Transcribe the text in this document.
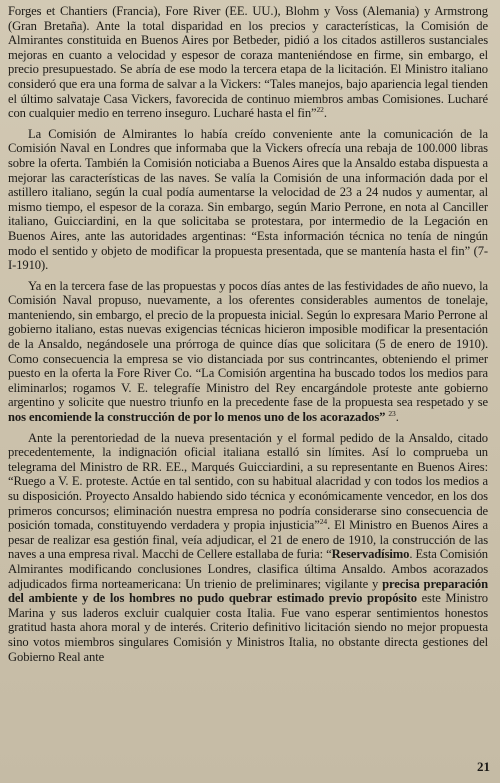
Forges et Chantiers (Francia), Fore River (EE. UU.), Blohm y Voss (Alemania) y Armstrong (Gran Bretaña). Ante la total disparidad en los precios y características, la Comisión de Almirantes constituida en Buenos Aires por Betbeder, pidió a los citados astilleros sustanciales mejoras en cuanto a velocidad y espesor de coraza manteniéndose en firme, sin embargo, el precio presupuestado. Se abría de ese modo la tercera etapa de la licitación. El Ministro italiano consideró que era una forma de salvar a la Vickers: “Tales manejos, bajo apariencia legal tienden el último salvataje Casa Vickers, favorecida de continuo miembros ambas Comisiones. Lucharé con cualquier medio en terreno inseguro. Lucharé hasta el fin”$^{22}$.

La Comisión de Almirantes lo había creído conveniente ante la comunicación de la Comisión Naval en Londres que informaba que la Vickers ofrecía una rebaja de 100.000 libras sobre la oferta. También la Comisión noticiaba a Buenos Aires que la Ansaldo estaba dispuesta a mejorar las características de las naves. Se valía la Comisión de una información dada por el astillero italiano, según la cual podía aumentarse la velocidad de 23 a 24 nudos y aumentar, al mismo tiempo, el espesor de la coraza. Sin embargo, según Mario Perrone, en nota al Canciller italiano, Guicciardini, en la que solicitaba se protestara, por intermedio de la Legación en Buenos Aires, ante las autoridades argentinas: “Esta información técnica no tenía de ningún modo el sentido y objeto de modificar la propuesta presentada, que se mantenía hasta el fin” (7-I-1910).

Ya en la tercera fase de las propuestas y pocos días antes de las festividades de año nuevo, la Comisión Naval propuso, nuevamente, a los oferentes considerables aumentos de tonelaje, manteniendo, sin embargo, el precio de la propuesta inicial. Según lo expresara Mario Perrone al gobierno italiano, estas nuevas exigencias técnicas hicieron imposible modificar la presentación de la Ansaldo, negándosele una prórroga de quince días que solicitara (5 de enero de 1910). Como consecuencia la empresa se vio distanciada por sus contrincantes, obteniendo el primer puesto en la oferta la Fore River Co. “La Comisión argentina ha buscado todos los medios para eliminarlos; rogamos V. E. telegrafíe Ministro del Rey encargándole proteste ante gobierno argentino y solicite que nuestro triunfo en la precedente fase de la propuesta sea respetado y se nos encomiende la construcción de por lo menos uno de los acorazados” $^{23}$.

Ante la perentoriedad de la nueva presentación y el formal pedido de la Ansaldo, citado precedentemente, la indignación oficial italiana estalló sin límites. Así lo comprueba un telegrama del Ministro de RR. EE., Marqués Guicciardini, a su representante en Buenos Aires: “Ruego a V. E. proteste. Actúe en tal sentido, con su habitual alacridad y con todos los medios a su disposición. Proyecto Ansaldo habiendo sido técnica y económicamente vencedor, en los dos primeros concursos; eliminación nuestra empresa no podría considerarse sino consecuencia de posición tomada, constituyendo verdadera y propia injusticia”$^{24}$. El Ministro en Buenos Aires a pesar de realizar esa gestión final, veía adjudicar, el 21 de enero de 1910, la construcción de las naves a una empresa rival. Macchi de Cellere estallaba de furia: “Reservadísimo. Esta Comisión Almirantes modificando conclusiones Londres, clasifica última Ansaldo. Ambos acorazados adjudicados firma norteamericana: Un trienio de preliminares; vigilante y precisa preparación del ambiente y de los hombres no pudo quebrar estimado previo propósito este Ministro Marina y sus laderos excluir cualquier costa Italia. Fue vano esperar sentimientos honestos gratitud hasta ahora moral y de interés. Criterio definitivo licitación siendo no mejor propuesta sino votos miembros singulares Comisión y Ministros Italia, no obstante directa gestiones del Gobierno Real ante

21
